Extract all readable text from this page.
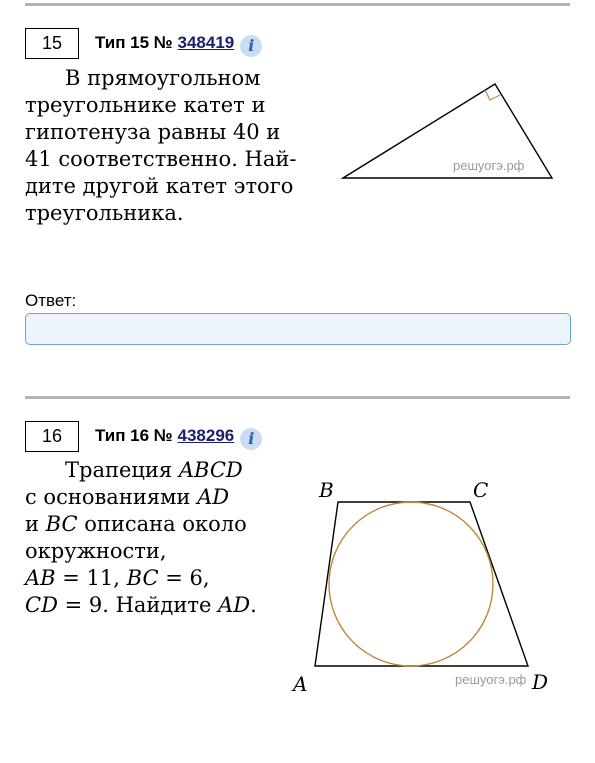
15 Тип 15 № 348419 i

В прямоугольном

треугольнике катет и

гипотенуза равны 40 и

41 соответственно. Най-

дите другой катет этого

треугольника.

решуогэ.рф
Ответ:
16 Тип 16 № 438296 i

Трапеция ABCD

с основаниями AD

и BC описана около

окружности,

AB = 11, BC = 6,

CD = 9. Найдите AD.

B	C
A	решуогэ.рф D
